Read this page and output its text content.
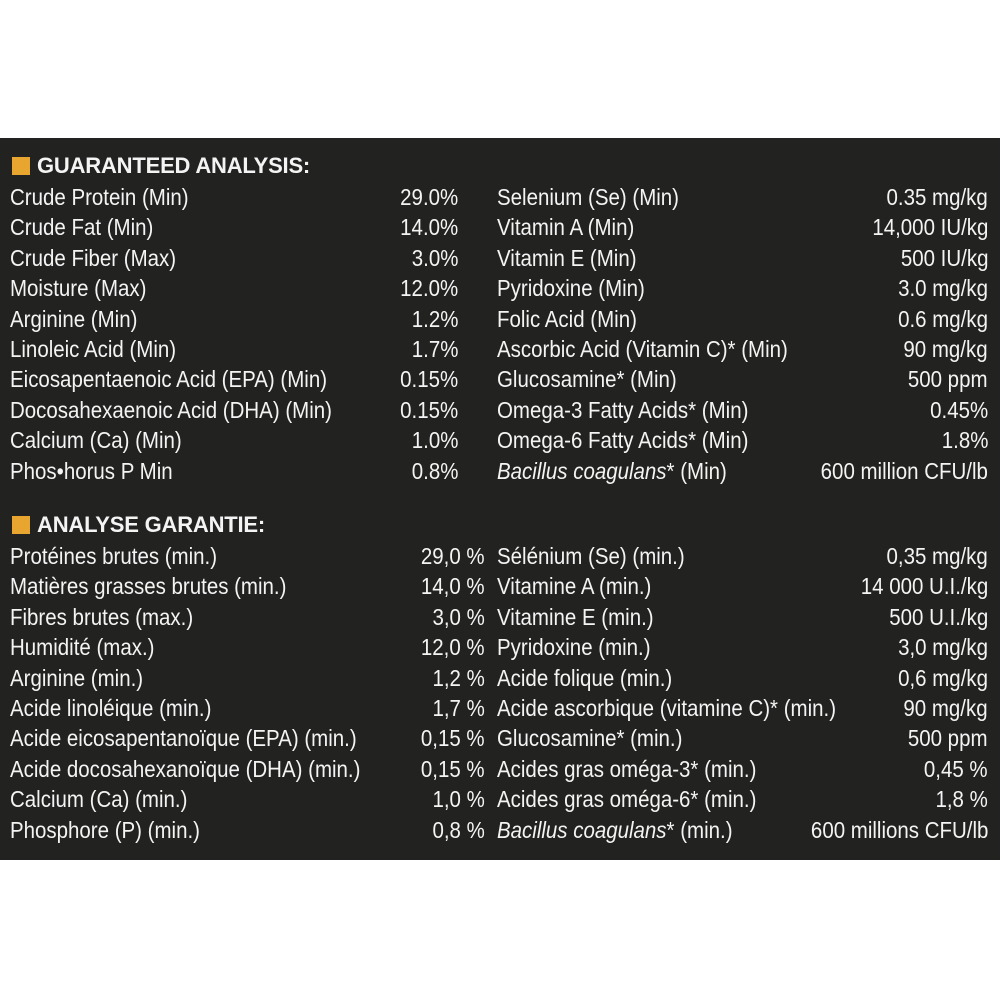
GUARANTEED ANALYSIS:
Crude Protein (Min)	29.0%
Crude Fat (Min)	14.0%
Crude Fiber (Max)	3.0%
Moisture (Max)	12.0%
Arginine (Min)	1.2%
Linoleic Acid (Min)	1.7%
Eicosapentaenoic Acid (EPA) (Min)	0.15%
Docosahexaenoic Acid (DHA) (Min)	0.15%
Calcium (Ca) (Min)	1.0%
Phos•horus P Min	0.8%
Selenium (Se) (Min)	0.35 mg/kg
Vitamin A (Min)	14,000 IU/kg
Vitamin E (Min)	500 IU/kg
Pyridoxine (Min)	3.0 mg/kg
Folic Acid (Min)	0.6 mg/kg
Ascorbic Acid (Vitamin C)* (Min)	90 mg/kg
Glucosamine* (Min)	500 ppm
Omega-3 Fatty Acids* (Min)	0.45%
Omega-6 Fatty Acids* (Min)	1.8%
Bacillus coagulans* (Min)	600 million CFU/lb
ANALYSE GARANTIE:
Protéines brutes (min.)	29,0 %
Matières grasses brutes (min.)	14,0 %
Fibres brutes (max.)	3,0 %
Humidité (max.)	12,0 %
Arginine (min.)	1,2 %
Acide linoléique (min.)	1,7 %
Acide eicosapentanoïque (EPA) (min.)	0,15 %
Acide docosahexanoïque (DHA) (min.)	0,15 %
Calcium (Ca) (min.)	1,0 %
Phosphore (P) (min.)	0,8 %
Sélénium (Se) (min.)	0,35 mg/kg
Vitamine A (min.)	14 000 U.I./kg
Vitamine E (min.)	500 U.I./kg
Pyridoxine (min.)	3,0 mg/kg
Acide folique (min.)	0,6 mg/kg
Acide ascorbique (vitamine C)* (min.)	90 mg/kg
Glucosamine* (min.)	500 ppm
Acides gras oméga-3* (min.)	0,45 %
Acides gras oméga-6* (min.)	1,8 %
Bacillus coagulans* (min.)	600 millions CFU/lb
